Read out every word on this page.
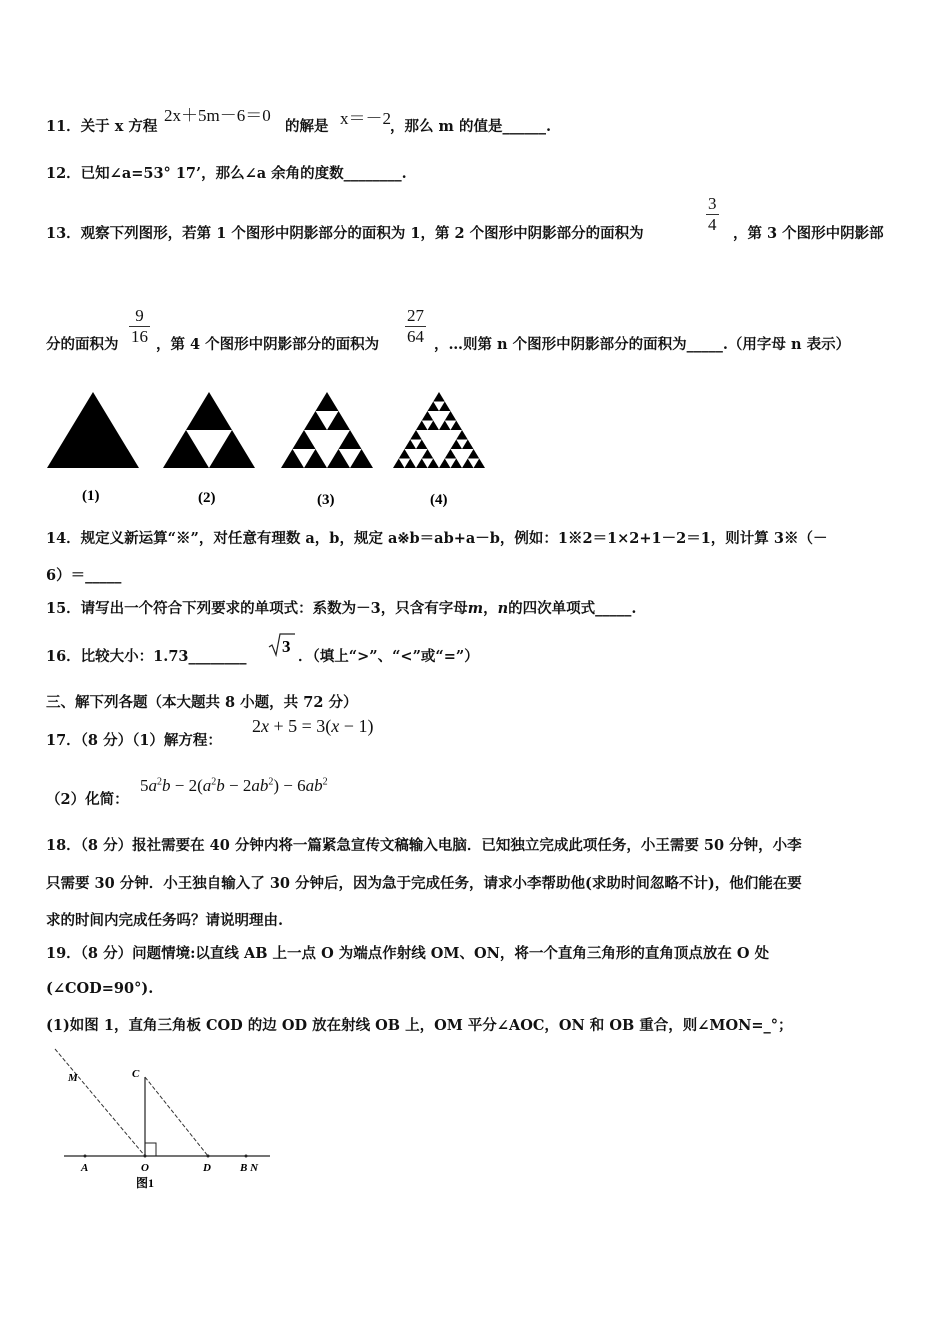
11．关于 x 方程
2x＋5m－6＝0
的解是 x＝－2 ，那么 m 的值是______.
12．已知∠a=53° 17’，那么∠a 余角的度数________.
13．观察下列图形，若第 1 个图形中阴影部分的面积为 1，第 2 个图形中阴影部分的面积为	$\frac{3}{4}$ ，第 3 个图形中阴影部
分的面积为 $\frac{9}{16}$ ，第 4 个图形中阴影部分的面积为 $\frac{27}{64}$ ，…则第 n 个图形中阴影部分的面积为_____.（用字母 n 表示）
(1)	(2)	(3)	(4)
14．规定义新运算“※”，对任意有理数 a，b，规定 a※b＝ab+a－b，例如：1※2＝1×2+1－2＝1，则计算 3※（－
6）＝_____
15．请写出一个符合下列要求的单项式：系数为－3，只含有字母m，n的四次单项式_____.
16．比较大小：1.73________
3
．（填上“>”、“<”或“=”）
三、解下列各题（本大题共 8 小题，共 72 分）
17．（8 分）（1）解方程：
2x + 5 = 3(x − 1)
（2）化简：
$5a^2b - 2(a^2b - 2ab^2) - 6ab^2$
18．（8 分）报社需要在 40 分钟内将一篇紧急宣传文稿输入电脑．已知独立完成此项任务，小王需要 50 分钟，小李
只需要 30 分钟．小王独自输入了 30 分钟后，因为急于完成任务，请求小李帮助他(求助时间忽略不计)，他们能在要
求的时间内完成任务吗？请说明理由.
19．（8 分）问题情境:以直线 AB 上一点 O 为端点作射线 OM、ON，将一个直角三角形的直角顶点放在 O 处
(∠COD=90°).
(1)如图 1，直角三角板 COD 的边 OD 放在射线 OB 上，OM 平分∠AOC，ON 和 OB 重合，则∠MON=_°；
M	C
A	O	D	B N
图1
